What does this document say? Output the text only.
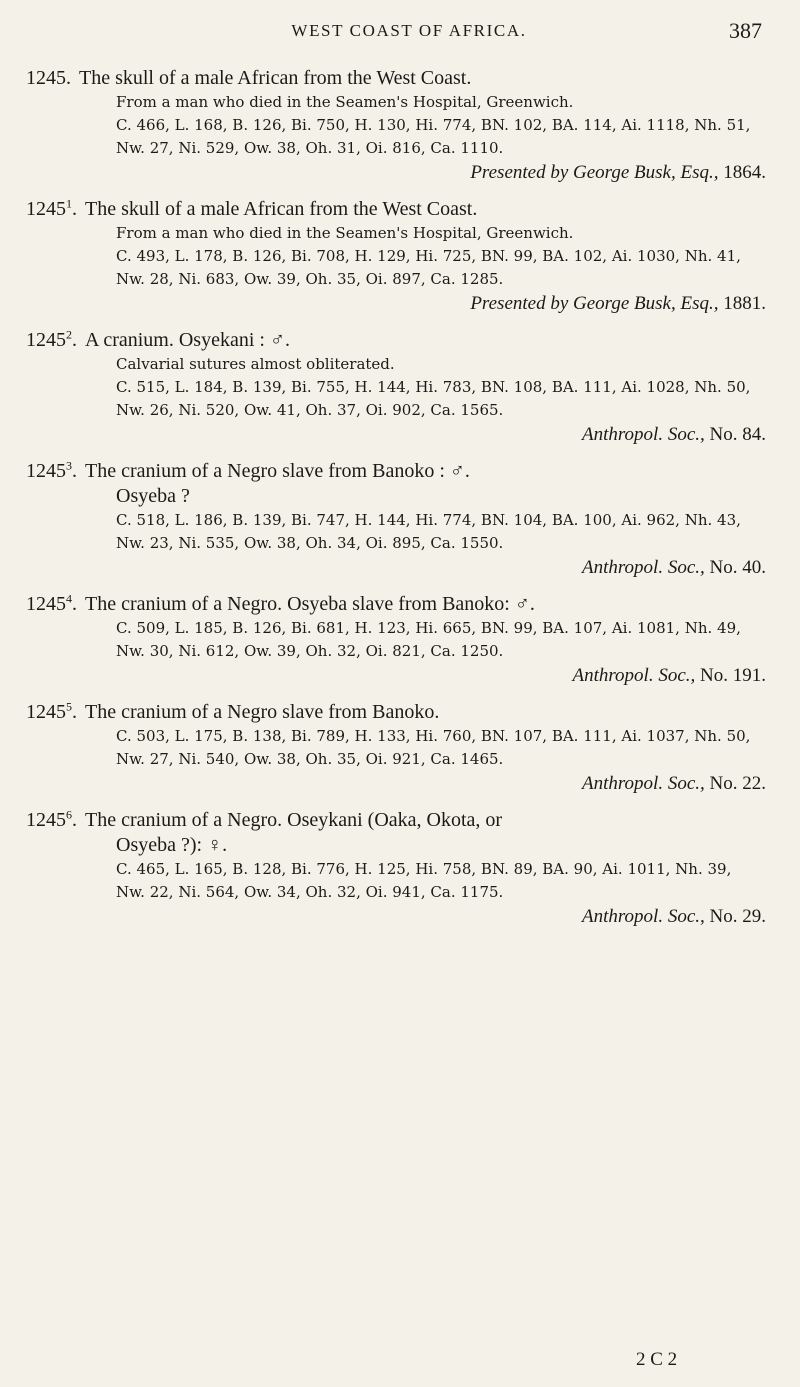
WEST COAST OF AFRICA.	387
1245. The skull of a male African from the West Coast.
From a man who died in the Seamen's Hospital, Greenwich.
C. 466, L. 168, B. 126, Bi. 750, H. 130, Hi. 774, BN. 102, BA. 114, Ai. 1118, Nh. 51, Nw. 27, Ni. 529, Ow. 38, Oh. 31, Oi. 816, Ca. 1110.
Presented by George Busk, Esq., 1864.
1245$^1$. The skull of a male African from the West Coast.
From a man who died in the Seamen's Hospital, Greenwich.
C. 493, L. 178, B. 126, Bi. 708, H. 129, Hi. 725, BN. 99, BA. 102, Ai. 1030, Nh. 41, Nw. 28, Ni. 683, Ow. 39, Oh. 35, Oi. 897, Ca. 1285.
Presented by George Busk, Esq., 1881.
1245$^2$. A cranium. Osyekani : ♂.
Calvarial sutures almost obliterated.
C. 515, L. 184, B. 139, Bi. 755, H. 144, Hi. 783, BN. 108, BA. 111, Ai. 1028, Nh. 50, Nw. 26, Ni. 520, Ow. 41, Oh. 37, Oi. 902, Ca. 1565.
Anthropol. Soc., No. 84.
1245$^3$. The cranium of a Negro slave from Banoko : ♂.
Osyeba ?
C. 518, L. 186, B. 139, Bi. 747, H. 144, Hi. 774, BN. 104, BA. 100, Ai. 962, Nh. 43, Nw. 23, Ni. 535, Ow. 38, Oh. 34, Oi. 895, Ca. 1550.
Anthropol. Soc., No. 40.
1245$^4$. The cranium of a Negro. Osyeba slave from Banoko: ♂.
C. 509, L. 185, B. 126, Bi. 681, H. 123, Hi. 665, BN. 99, BA. 107, Ai. 1081, Nh. 49, Nw. 30, Ni. 612, Ow. 39, Oh. 32, Oi. 821, Ca. 1250.
Anthropol. Soc., No. 191.
1245$^5$. The cranium of a Negro slave from Banoko.
C. 503, L. 175, B. 138, Bi. 789, H. 133, Hi. 760, BN. 107, BA. 111, Ai. 1037, Nh. 50, Nw. 27, Ni. 540, Ow. 38, Oh. 35, Oi. 921, Ca. 1465.
Anthropol. Soc., No. 22.
1245$^6$. The cranium of a Negro. Oseykani (Oaka, Okota, or
Osyeba ?): ♀.
C. 465, L. 165, B. 128, Bi. 776, H. 125, Hi. 758, BN. 89, BA. 90, Ai. 1011, Nh. 39, Nw. 22, Ni. 564, Ow. 34, Oh. 32, Oi. 941, Ca. 1175.
Anthropol. Soc., No. 29.
2 C 2
